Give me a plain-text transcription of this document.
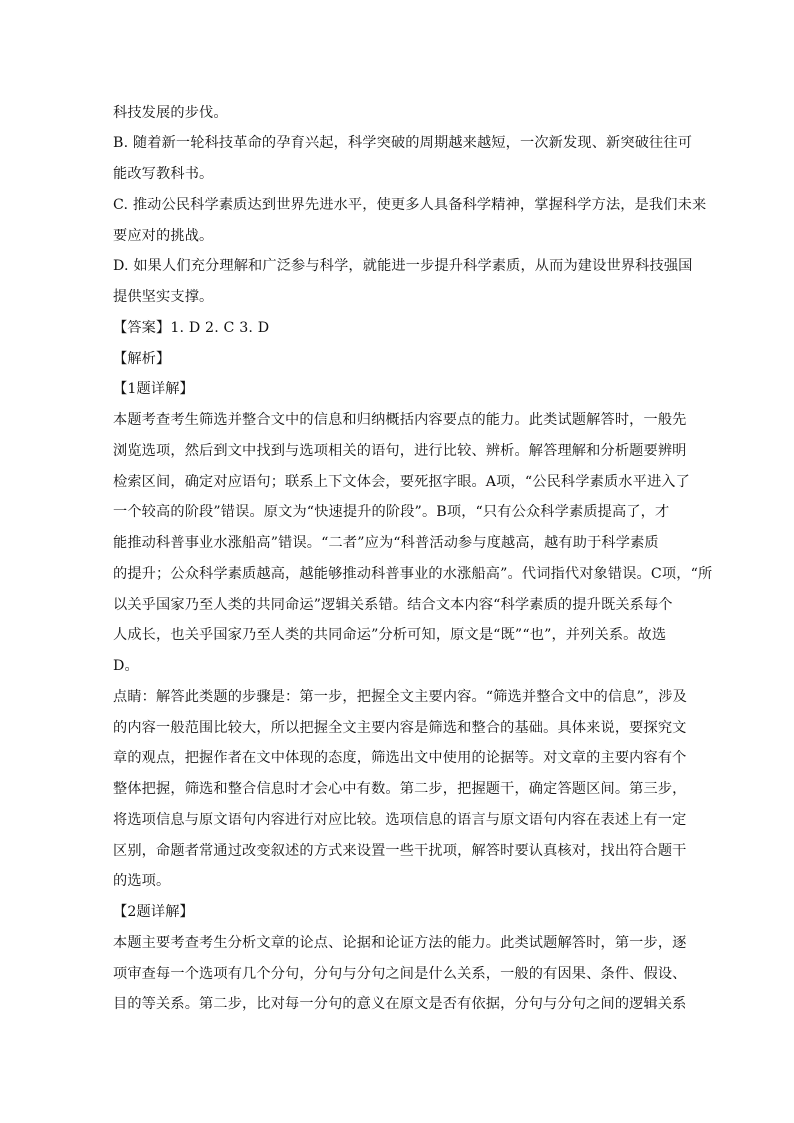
科技发展的步伐。
B. 随着新一轮科技革命的孕育兴起，科学突破的周期越来越短，一次新发现、新突破往往可
能改写教科书。
C. 推动公民科学素质达到世界先进水平，使更多人具备科学精神，掌握科学方法，是我们未来
要应对的挑战。
D. 如果人们充分理解和广泛参与科学，就能进一步提升科学素质，从而为建设世界科技强国
提供坚实支撑。
【答案】1. D 2. C 3. D
【解析】
【1题详解】
本题考查考生筛选并整合文中的信息和归纳概括内容要点的能力。此类试题解答时，一般先
浏览选项，然后到文中找到与选项相关的语句，进行比较、辨析。解答理解和分析题要辨明
检索区间，确定对应语句；联系上下文体会，要死抠字眼。A项，“公民科学素质水平进入了
一个较高的阶段”错误。原文为“快速提升的阶段”。B项，“只有公众科学素质提高了，才
能推动科普事业水涨船高”错误。“二者”应为“科普活动参与度越高，越有助于科学素质
的提升；公众科学素质越高，越能够推动科普事业的水涨船高”。代词指代对象错误。C项，“所
以关乎国家乃至人类的共同命运”逻辑关系错。结合文本内容“科学素质的提升既关系每个
人成长，也关乎国家乃至人类的共同命运”分析可知，原文是“既”“也”，并列关系。故选
D。
点睛：解答此类题的步骤是：第一步，把握全文主要内容。“筛选并整合文中的信息”，涉及
的内容一般范围比较大，所以把握全文主要内容是筛选和整合的基础。具体来说，要探究文
章的观点，把握作者在文中体现的态度，筛选出文中使用的论据等。对文章的主要内容有个
整体把握，筛选和整合信息时才会心中有数。第二步，把握题干，确定答题区间。第三步，
将选项信息与原文语句内容进行对应比较。选项信息的语言与原文语句内容在表述上有一定
区别，命题者常通过改变叙述的方式来设置一些干扰项，解答时要认真核对，找出符合题干
的选项。
【2题详解】
本题主要考查考生分析文章的论点、论据和论证方法的能力。此类试题解答时，第一步，逐
项审查每一个选项有几个分句，分句与分句之间是什么关系，一般的有因果、条件、假设、
目的等关系。第二步，比对每一分句的意义在原文是否有依据，分句与分句之间的逻辑关系
